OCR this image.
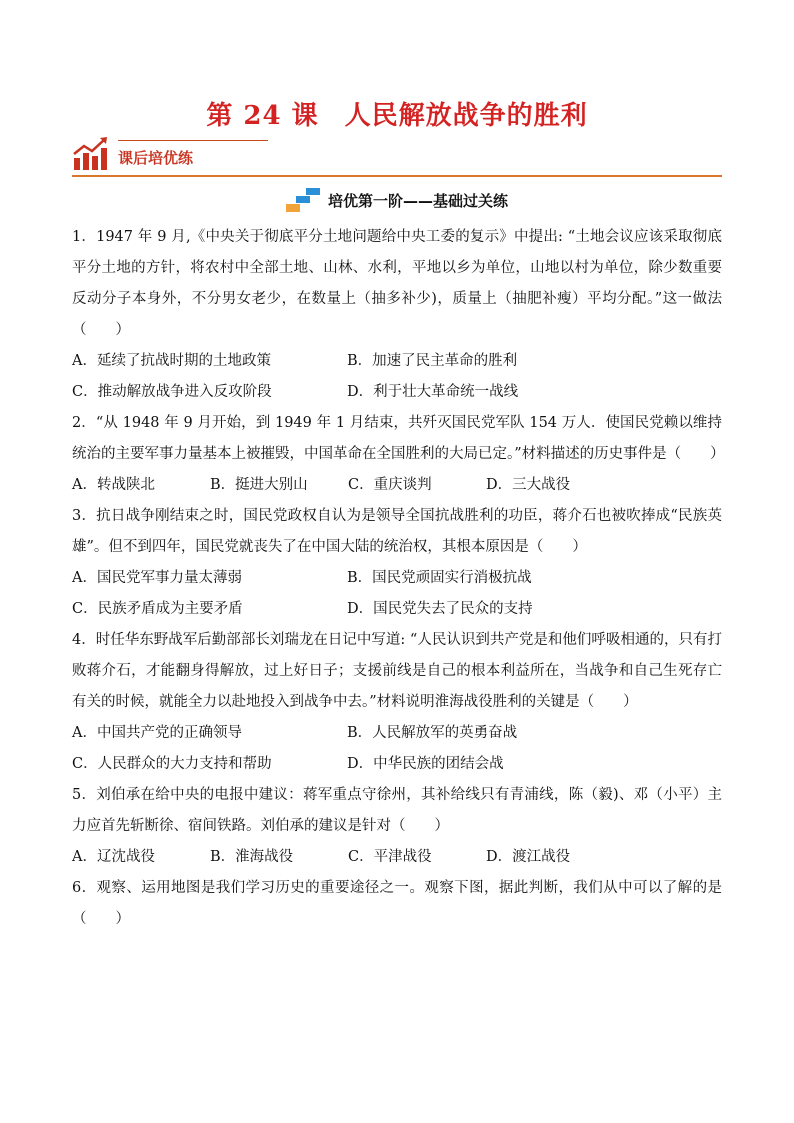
第 24 课 人民解放战争的胜利
课后培优练
培优第一阶——基础过关练

1．1947 年 9 月,《中央关于彻底平分土地问题给中央工委的复示》中提出: “土地会议应该采取彻底平分土地的方针，将农村中全部土地、山林、水利，平地以乡为单位，山地以村为单位，除少数重要反动分子本身外，不分男女老少，在数量上（抽多补少)，质量上（抽肥补瘦）平均分配。”这一做法（　　）

A．延续了抗战时期的土地政策	B．加速了民主革命的胜利
C．推动解放战争进入反攻阶段	D．利于壮大革命统一战线

2．“从 1948 年 9 月开始，到 1949 年 1 月结束，共歼灭国民党军队 154 万人．使国民党赖以维持统治的主要军事力量基本上被摧毁，中国革命在全国胜利的大局已定。”材料描述的历史事件是（　　）

A．转战陕北	B．挺进大别山	C．重庆谈判	D．三大战役

3．抗日战争刚结束之时，国民党政权自认为是领导全国抗战胜利的功臣，蒋介石也被吹捧成“民族英雄”。但不到四年，国民党就丧失了在中国大陆的统治权，其根本原因是（　　）

A．国民党军事力量太薄弱	B．国民党顽固实行消极抗战
C．民族矛盾成为主要矛盾	D．国民党失去了民众的支持

4．时任华东野战军后勤部部长刘瑞龙在日记中写道: “人民认识到共产党是和他们呼吸相通的，只有打败蒋介石，才能翻身得解放，过上好日子；支援前线是自己的根本利益所在，当战争和自己生死存亡有关的时候，就能全力以赴地投入到战争中去。”材料说明淮海战役胜利的关键是（　　）

A．中国共产党的正确领导	B．人民解放军的英勇奋战
C．人民群众的大力支持和帮助	D．中华民族的团结会战

5．刘伯承在给中央的电报中建议：蒋军重点守徐州，其补给线只有青浦线，陈（毅)、邓（小平）主力应首先斩断徐、宿间铁路。刘伯承的建议是针对（　　）

A．辽沈战役	B．淮海战役	C．平津战役	D．渡江战役

6．观察、运用地图是我们学习历史的重要途径之一。观察下图，据此判断，我们从中可以了解的是（　　）
